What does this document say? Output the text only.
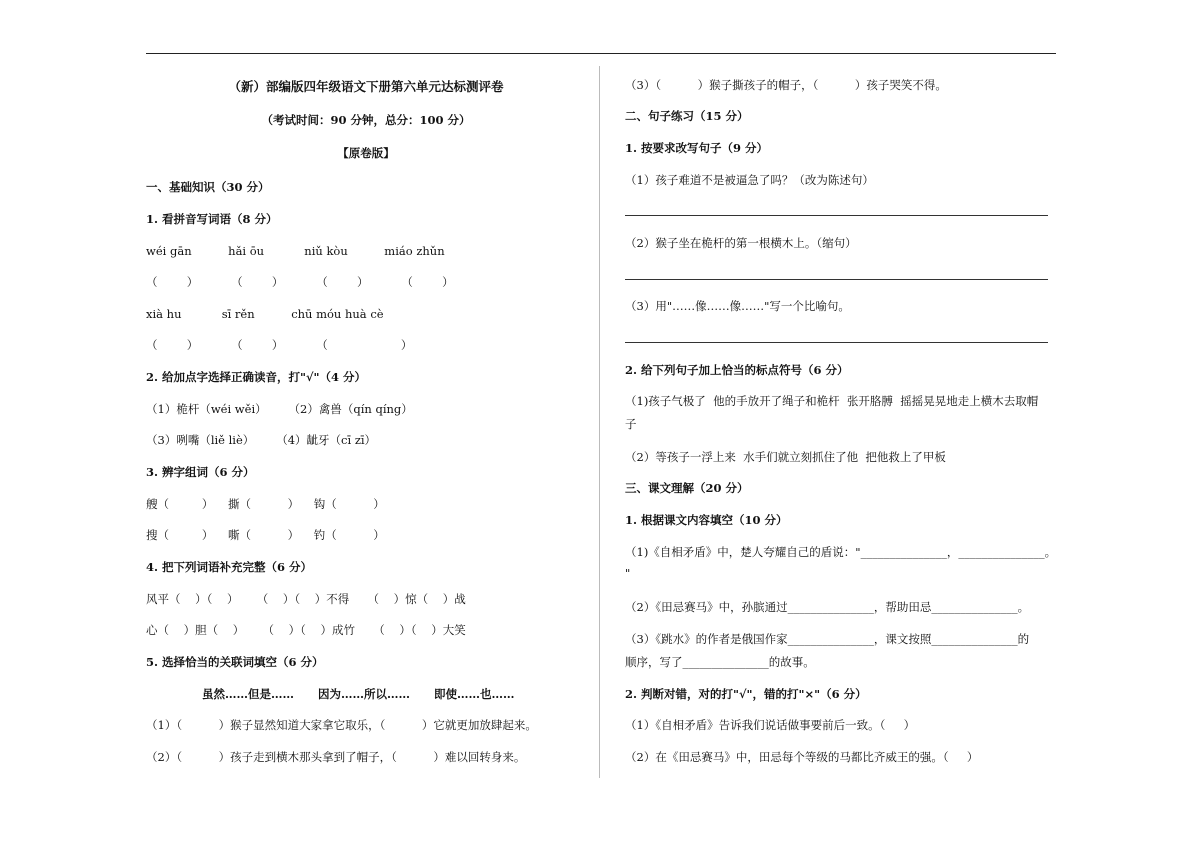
（新）部编版四年级语文下册第六单元达标测评卷
（考试时间：90 分钟，总分：100 分）
【原卷版】
一、基础知识（30 分）
1. 看拼音写词语（8 分）
wéi gān          hǎi ōu           niǔ kòu          miáo zhǔn
（        ）         （        ）         （        ）         （        ）
xià hu           sī rěn          chū móu huà cè
（        ）         （        ）         （                    ）
2. 给加点字选择正确读音，打"√"（4 分）
（1）桅杆（wéi wěi）      （2）禽兽（qín qíng）
（3）咧嘴（liě liè）      （4）龇牙（cī zī）
3. 辨字组词（6 分）
艘（         ）    撕（          ）    钩（          ）
搜（         ）    嘶（          ）    钓（          ）
4. 把下列词语补充完整（6 分）
风平（    ）（    ）     （    ）（    ）不得     （    ）惊（    ）战
心（    ）胆（    ）     （    ）（    ）成竹     （    ）（    ）大笑
5. 选择恰当的关联词填空（6 分）
虽然……但是……      因为……所以……      即使……也……
（1）（          ）猴子显然知道大家拿它取乐，（          ）它就更加放肆起来。
（2）（          ）孩子走到横木那头拿到了帽子，（          ）难以回转身来。
（3）（          ）猴子撕孩子的帽子，（          ）孩子哭笑不得。
二、句子练习（15 分）
1. 按要求改写句子（9 分）
（1）孩子难道不是被逼急了吗？（改为陈述句）
（2）猴子坐在桅杆的第一根横木上。（缩句）
（3）用"……像……像……"写一个比喻句。
2. 给下列句子加上恰当的标点符号（6 分）
（1)孩子气极了  他的手放开了绳子和桅杆  张开胳膊  摇摇晃晃地走上横木去取帽
子
（2）等孩子一浮上来  水手们就立刻抓住了他  把他救上了甲板
三、课文理解（20 分）
1. 根据课文内容填空（10 分）
（1)《自相矛盾》中，楚人夸耀自己的盾说："_______________，_______________。
"
（2）《田忌赛马》中，孙膑通过_______________，帮助田忌_______________。
（3）《跳水》的作者是俄国作家_______________，课文按照_______________的
顺序，写了_______________的故事。
2. 判断对错，对的打"√"，错的打"×"（6 分）
（1）《自相矛盾》告诉我们说话做事要前后一致。（     ）
（2）在《田忌赛马》中，田忌每个等级的马都比齐威王的强。（     ）
